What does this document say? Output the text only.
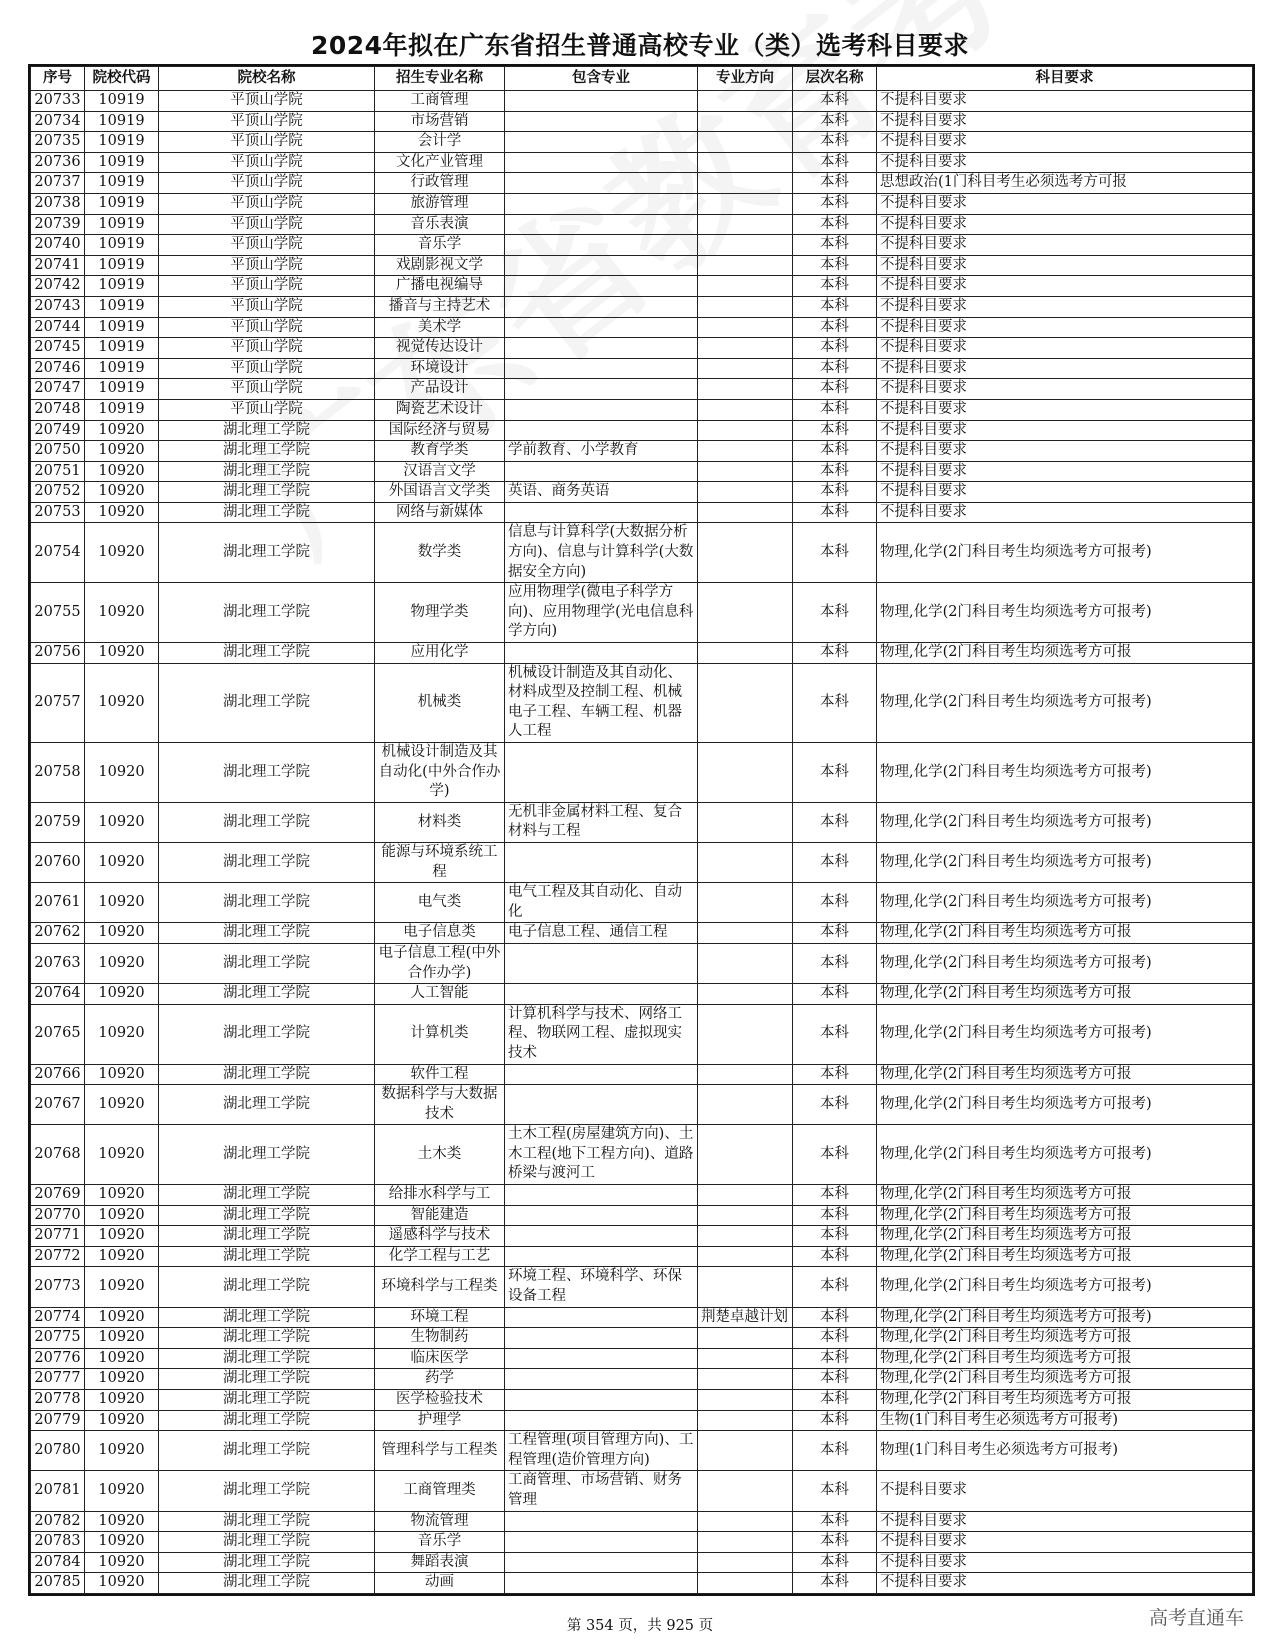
2024年拟在广东省招生普通高校专业（类）选考科目要求
序号	院校代码	院校名称	招生专业名称	包含专业	专业方向	层次名称	科目要求
20733	10919	平顶山学院	工商管理			本科	不提科目要求
20734	10919	平顶山学院	市场营销			本科	不提科目要求
20735	10919	平顶山学院	会计学			本科	不提科目要求
20736	10919	平顶山学院	文化产业管理			本科	不提科目要求
20737	10919	平顶山学院	行政管理			本科	思想政治(1门科目考生必须选考方可报
20738	10919	平顶山学院	旅游管理			本科	不提科目要求
20739	10919	平顶山学院	音乐表演			本科	不提科目要求
20740	10919	平顶山学院	音乐学			本科	不提科目要求
20741	10919	平顶山学院	戏剧影视文学			本科	不提科目要求
20742	10919	平顶山学院	广播电视编导			本科	不提科目要求
20743	10919	平顶山学院	播音与主持艺术			本科	不提科目要求
20744	10919	平顶山学院	美术学			本科	不提科目要求
20745	10919	平顶山学院	视觉传达设计			本科	不提科目要求
20746	10919	平顶山学院	环境设计			本科	不提科目要求
20747	10919	平顶山学院	产品设计			本科	不提科目要求
20748	10919	平顶山学院	陶瓷艺术设计			本科	不提科目要求
20749	10920	湖北理工学院	国际经济与贸易			本科	不提科目要求
20750	10920	湖北理工学院	教育学类	学前教育、小学教育		本科	不提科目要求
20751	10920	湖北理工学院	汉语言文学			本科	不提科目要求
20752	10920	湖北理工学院	外国语言文学类	英语、商务英语		本科	不提科目要求
20753	10920	湖北理工学院	网络与新媒体			本科	不提科目要求
20754	10920	湖北理工学院	数学类	信息与计算科学(大数据分析方向)、信息与计算科学(大数据安全方向)		本科	物理,化学(2门科目考生均须选考方可报考)
20755	10920	湖北理工学院	物理学类	应用物理学(微电子科学方向)、应用物理学(光电信息科学方向)		本科	物理,化学(2门科目考生均须选考方可报考)
20756	10920	湖北理工学院	应用化学			本科	物理,化学(2门科目考生均须选考方可报
20757	10920	湖北理工学院	机械类	机械设计制造及其自动化、材料成型及控制工程、机械电子工程、车辆工程、机器人工程		本科	物理,化学(2门科目考生均须选考方可报考)
20758	10920	湖北理工学院	机械设计制造及其自动化(中外合作办学)			本科	物理,化学(2门科目考生均须选考方可报考)
20759	10920	湖北理工学院	材料类	无机非金属材料工程、复合材料与工程		本科	物理,化学(2门科目考生均须选考方可报考)
20760	10920	湖北理工学院	能源与环境系统工程			本科	物理,化学(2门科目考生均须选考方可报考)
20761	10920	湖北理工学院	电气类	电气工程及其自动化、自动化		本科	物理,化学(2门科目考生均须选考方可报考)
20762	10920	湖北理工学院	电子信息类	电子信息工程、通信工程		本科	物理,化学(2门科目考生均须选考方可报
20763	10920	湖北理工学院	电子信息工程(中外合作办学)			本科	物理,化学(2门科目考生均须选考方可报考)
20764	10920	湖北理工学院	人工智能			本科	物理,化学(2门科目考生均须选考方可报
20765	10920	湖北理工学院	计算机类	计算机科学与技术、网络工程、物联网工程、虚拟现实技术		本科	物理,化学(2门科目考生均须选考方可报考)
20766	10920	湖北理工学院	软件工程			本科	物理,化学(2门科目考生均须选考方可报
20767	10920	湖北理工学院	数据科学与大数据技术			本科	物理,化学(2门科目考生均须选考方可报考)
20768	10920	湖北理工学院	土木类	土木工程(房屋建筑方向)、土木工程(地下工程方向)、道路桥梁与渡河工		本科	物理,化学(2门科目考生均须选考方可报考)
20769	10920	湖北理工学院	给排水科学与工			本科	物理,化学(2门科目考生均须选考方可报
20770	10920	湖北理工学院	智能建造			本科	物理,化学(2门科目考生均须选考方可报
20771	10920	湖北理工学院	遥感科学与技术			本科	物理,化学(2门科目考生均须选考方可报
20772	10920	湖北理工学院	化学工程与工艺			本科	物理,化学(2门科目考生均须选考方可报
20773	10920	湖北理工学院	环境科学与工程类	环境工程、环境科学、环保设备工程		本科	物理,化学(2门科目考生均须选考方可报考)
20774	10920	湖北理工学院	环境工程		荆楚卓越计划	本科	物理,化学(2门科目考生均须选考方可报考)
20775	10920	湖北理工学院	生物制药			本科	物理,化学(2门科目考生均须选考方可报
20776	10920	湖北理工学院	临床医学			本科	物理,化学(2门科目考生均须选考方可报
20777	10920	湖北理工学院	药学			本科	物理,化学(2门科目考生均须选考方可报
20778	10920	湖北理工学院	医学检验技术			本科	物理,化学(2门科目考生均须选考方可报
20779	10920	湖北理工学院	护理学			本科	生物(1门科目考生必须选考方可报考)
20780	10920	湖北理工学院	管理科学与工程类	工程管理(项目管理方向)、工程管理(造价管理方向)		本科	物理(1门科目考生必须选考方可报考)
20781	10920	湖北理工学院	工商管理类	工商管理、市场营销、财务管理		本科	不提科目要求
20782	10920	湖北理工学院	物流管理			本科	不提科目要求
20783	10920	湖北理工学院	音乐学			本科	不提科目要求
20784	10920	湖北理工学院	舞蹈表演			本科	不提科目要求
20785	10920	湖北理工学院	动画			本科	不提科目要求
第 354 页，共 925 页	高考直通车
